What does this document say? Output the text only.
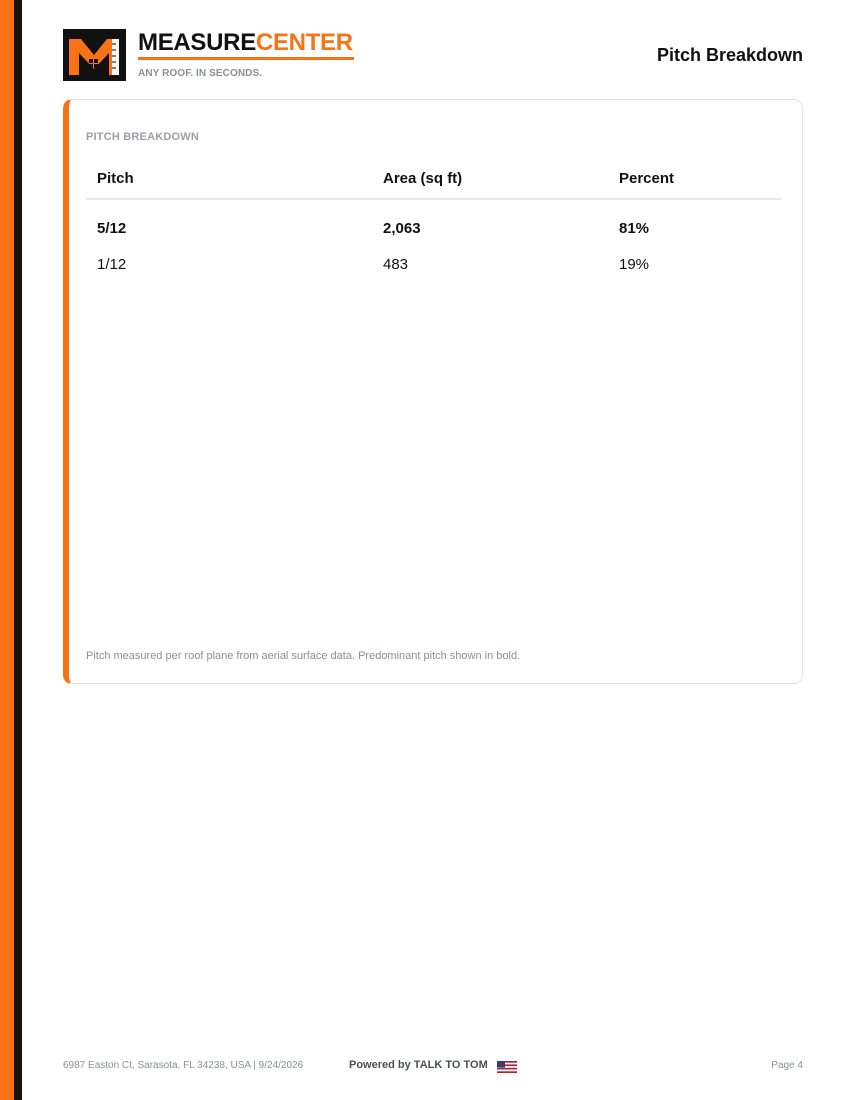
MEASURECENTER
ANY ROOF. IN SECONDS.
Pitch Breakdown
PITCH BREAKDOWN
Pitch	Area (sq ft)	Percent
5/12	2,063	81%
1/12	483	19%
Pitch measured per roof plane from aerial surface data. Predominant pitch shown in bold.
6987 Easton Ct, Sarasota, FL 34238, USA | 9/24/2026	Powered by TALK TO TOM	Page 4
